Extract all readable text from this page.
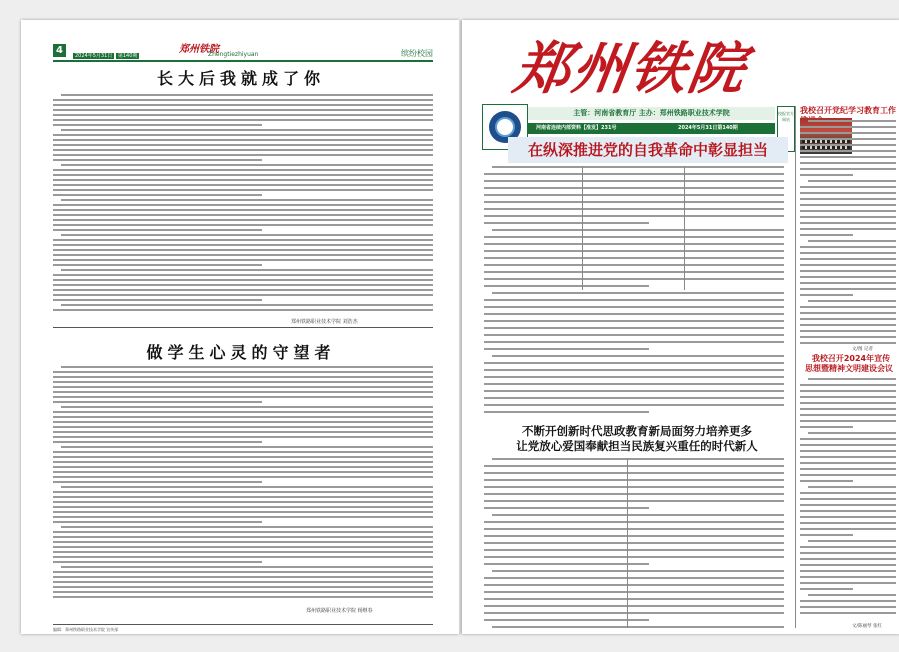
4	郑州铁院
2024年5月31日 第140期	Zhengtiezhiyuan	缤纷校园
长大后我就成了你
郑州铁路职业技术学院 刘浩杰
做学生心灵的守望者
郑州铁路职业技术学院 杨继春
编辑：郑州铁路职业技术学院 宣传部
郑州铁院
主管：河南省教育厅 主办：郑州铁路职业技术学院
河南省连续内部资料【准发】231号	2024年5月31日第140期
校报官方网站
在纵深推进党的自我革命中彰显担当
不断开创新时代思政教育新局面努力培养更多
让党放心爱国奉献担当民族复兴重任的时代新人
我校召开党纪学习教育工作
文/图 记者
我校召开2024年宣传
思想暨精神文明建设会议
文/陈丽琴 张红
